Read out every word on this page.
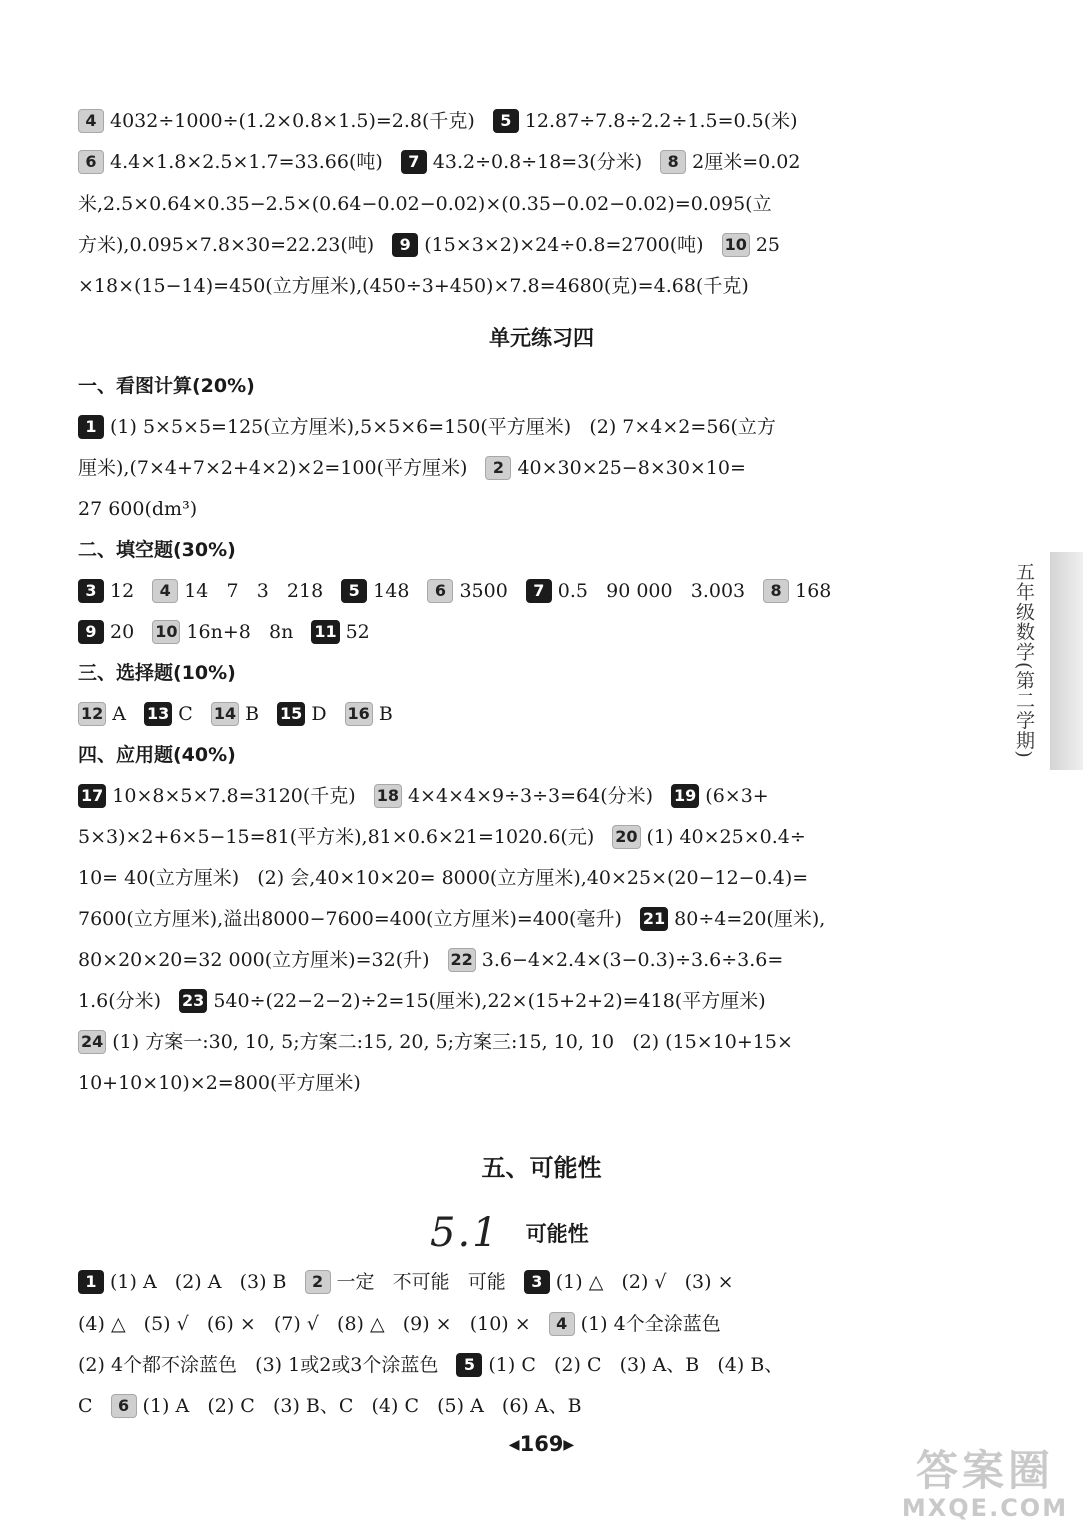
4 4032÷1000÷(1.2×0.8×1.5)=2.8(千克) 5 12.87÷7.8÷2.2÷1.5=0.5(米)
6 4.4×1.8×2.5×1.7=33.66(吨) 7 43.2÷0.8÷18=3(分米) 8 2厘米=0.02
米,2.5×0.64×0.35−2.5×(0.64−0.02−0.02)×(0.35−0.02−0.02)=0.095(立
方米),0.095×7.8×30=22.23(吨) 9 (15×3×2)×24÷0.8=2700(吨) 10 25
×18×(15−14)=450(立方厘米),(450÷3+450)×7.8=4680(克)=4.68(千克)
单元练习四
一、看图计算(20%)
1 (1) 5×5×5=125(立方厘米),5×5×6=150(平方厘米)   (2) 7×4×2=56(立方
厘米),(7×4+7×2+4×2)×2=100(平方厘米) 2 40×30×25−8×30×10=
27 600(dm³)
二、填空题(30%)
3 12 4 14   7   3   218 5 148 6 3500 7 0.5   90 000   3.003 8 168
9 20 10 16n+8   8n 11 52
三、选择题(10%)
12 A 13 C 14 B 15 D 16 B
四、应用题(40%)
17 10×8×5×7.8=3120(千克) 18 4×4×4×9÷3÷3=64(分米) 19 (6×3+
5×3)×2+6×5−15=81(平方米),81×0.6×21=1020.6(元) 20 (1) 40×25×0.4÷
10= 40(立方厘米)   (2) 会,40×10×20= 8000(立方厘米),40×25×(20−12−0.4)=
7600(立方厘米),溢出8000−7600=400(立方厘米)=400(毫升) 21 80÷4=20(厘米),
80×20×20=32 000(立方厘米)=32(升) 22 3.6−4×2.4×(3−0.3)÷3.6÷3.6=
1.6(分米) 23 540÷(22−2−2)÷2=15(厘米),22×(15+2+2)=418(平方厘米)
24 (1) 方案一:30, 10, 5;方案二:15, 20, 5;方案三:15, 10, 10   (2) (15×10+15×
10+10×10)×2=800(平方厘米)
五、可能性
5.1 可能性
1 (1) A   (2) A   (3) B 2 一定   不可能   可能 3 (1) △   (2) √   (3) ×
(4) △   (5) √   (6) ×   (7) √   (8) △   (9) ×   (10) × 4 (1) 4个全涂蓝色
(2) 4个都不涂蓝色   (3) 1或2或3个涂蓝色 5 (1) C   (2) C   (3) A、B   (4) B、
C 6 (1) A   (2) C   (3) B、C   (4) C   (5) A   (6) A、B
五年级数学(第二学期)
◀169▶
答案圈
MXQE.COM
